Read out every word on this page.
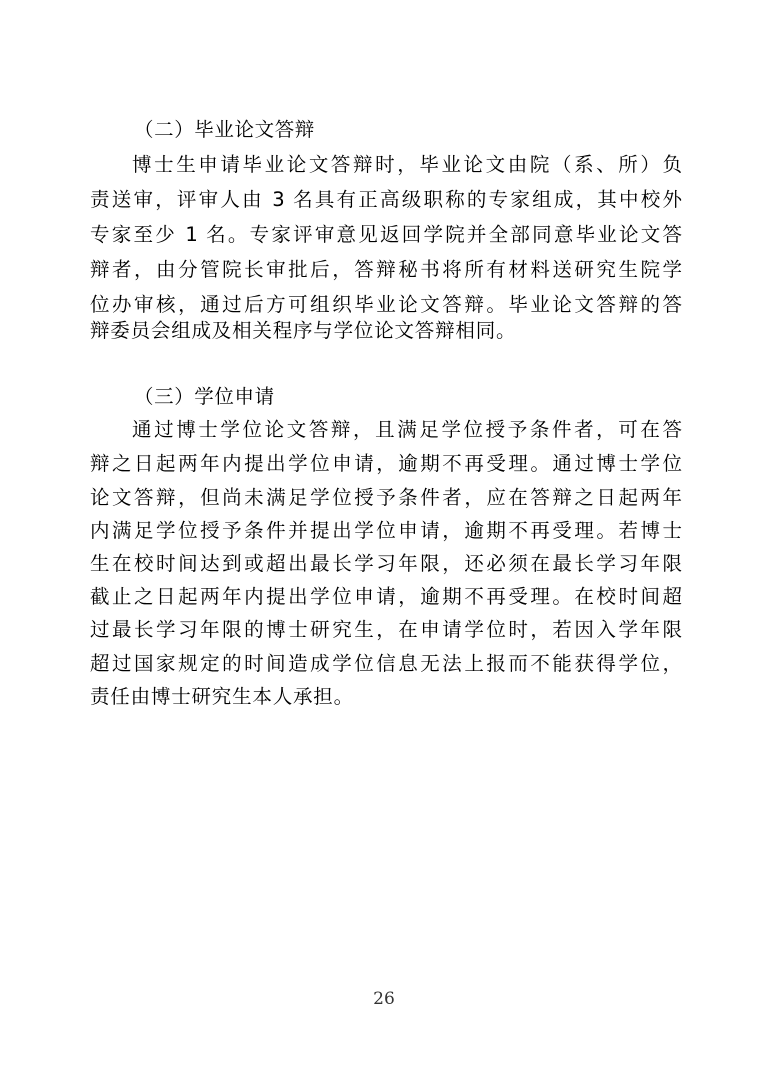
（二）毕业论文答辩
博士生申请毕业论文答辩时，毕业论文由院（系、所）负
责送审，评审人由 3 名具有正高级职称的专家组成，其中校外
专家至少 1 名。专家评审意见返回学院并全部同意毕业论文答
辩者，由分管院长审批后，答辩秘书将所有材料送研究生院学
位办审核，通过后方可组织毕业论文答辩。毕业论文答辩的答
辩委员会组成及相关程序与学位论文答辩相同。
（三）学位申请
通过博士学位论文答辩，且满足学位授予条件者，可在答
辩之日起两年内提出学位申请，逾期不再受理。通过博士学位
论文答辩，但尚未满足学位授予条件者，应在答辩之日起两年
内满足学位授予条件并提出学位申请，逾期不再受理。若博士
生在校时间达到或超出最长学习年限，还必须在最长学习年限
截止之日起两年内提出学位申请，逾期不再受理。在校时间超
过最长学习年限的博士研究生，在申请学位时，若因入学年限
超过国家规定的时间造成学位信息无法上报而不能获得学位，
责任由博士研究生本人承担。
26
